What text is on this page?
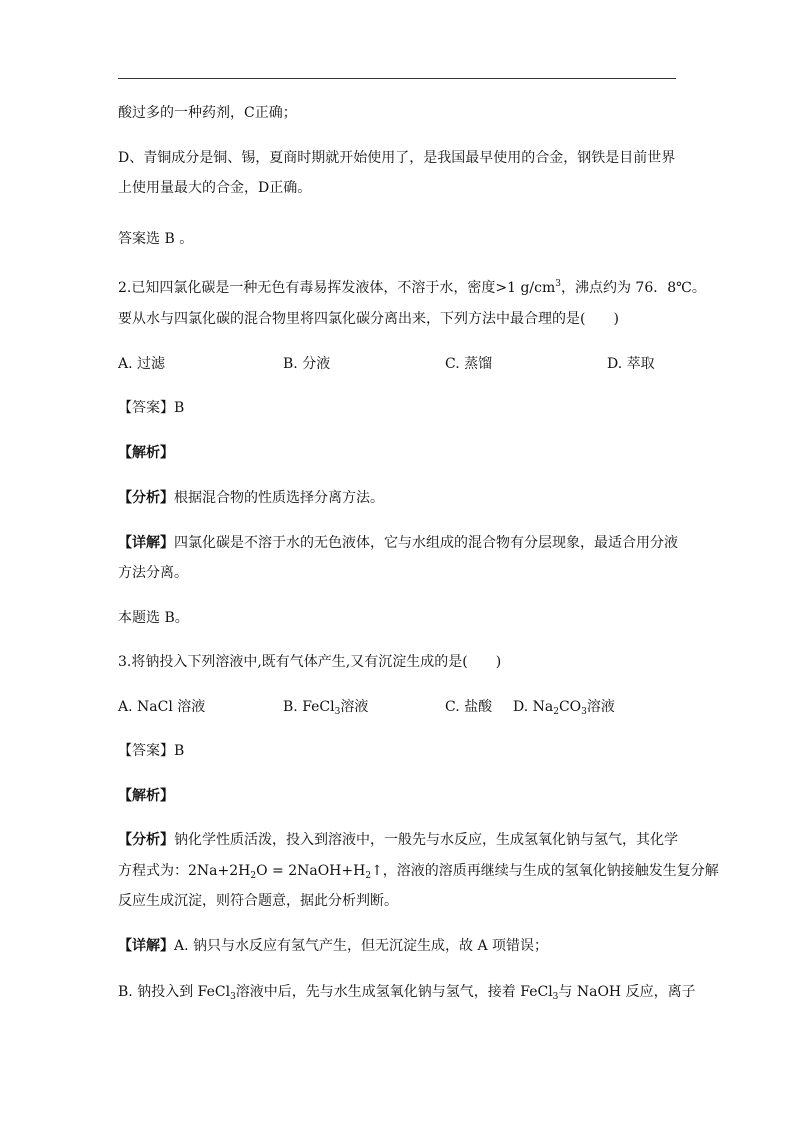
酸过多的一种药剂，C正确；
D、青铜成分是铜、锡，夏商时期就开始使用了，是我国最早使用的合金，钢铁是目前世界
上使用量最大的合金，D正确。
答案选 B 。
2.已知四氯化碳是一种无色有毒易挥发液体，不溶于水，密度>1 $g/cm^3$，沸点约为 76．8℃。
要从水与四氯化碳的混合物里将四氯化碳分离出来，下列方法中最合理的是(　　)
A. 过滤	B. 分液	C. 蒸馏	D. 萃取
【答案】B
【解析】
【分析】根据混合物的性质选择分离方法。
【详解】四氯化碳是不溶于水的无色液体，它与水组成的混合物有分层现象，最适合用分液
方法分离。
本题选 B。
3.将钠投入下列溶液中,既有气体产生,又有沉淀生成的是(　　)
A. NaCl 溶液	B. FeCl$_3$溶液	C. 盐酸 D. $Na_2CO_3$溶液
【答案】B
【解析】
【分析】钠化学性质活泼，投入到溶液中，一般先与水反应，生成氢氧化钠与氢气，其化学
方程式为：$2Na+2H_2O$ = $2NaOH+H_2↑$，溶液的溶质再继续与生成的氢氧化钠接触发生复分解
反应生成沉淀，则符合题意，据此分析判断。
【详解】A. 钠只与水反应有氢气产生，但无沉淀生成，故 A 项错误；
B. 钠投入到 FeCl$_3$溶液中后，先与水生成氢氧化钠与氢气，接着 FeCl$_3$与 NaOH 反应，离子
